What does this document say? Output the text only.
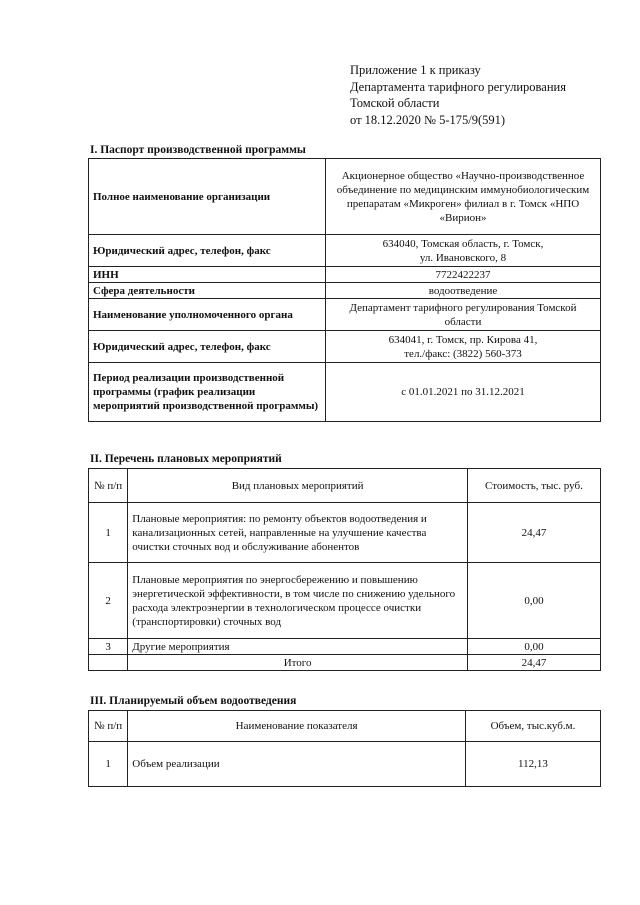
Приложение 1 к приказу
Департамента тарифного регулирования
Томской области
от 18.12.2020 № 5-175/9(591)
I. Паспорт производственной программы
Полное наименование организации	Акционерное общество «Научно-производственное объединение по медицинским иммунобиологическим препаратам «Микроген» филиал в г. Томск «НПО «Вирион»
Юридический адрес, телефон, факс	634040, Томская область, г. Томск,
ул. Ивановского, 8

ИНН	7722422237
Сфера деятельности	водоотведение
Наименование уполномоченного органа	Департамент тарифного регулирования Томской области
Юридический адрес, телефон, факс	634041, г. Томск, пр. Кирова 41,
тел./факс: (3822) 560-373

Период реализации производственной программы (график реализации мероприятий производственной программы)	с 01.01.2021 по 31.12.2021
II. Перечень плановых мероприятий
№ п/п	Вид плановых мероприятий	Стоимость, тыс. руб.
1	Плановые мероприятия: по ремонту объектов водоотведения и канализационных сетей, направленные на улучшение качества очистки сточных вод и обслуживание абонентов	24,47
2	Плановые мероприятия по энергосбережению и повышению энергетической эффективности, в том числе по снижению удельного расхода электроэнергии в технологическом процессе очистки (транспортировки) сточных вод	0,00
3	Другие мероприятия	0,00
	Итого	24,47
III. Планируемый объем водоотведения
№ п/п	Наименование показателя	Объем, тыс.куб.м.
1	Объем реализации	112,13
